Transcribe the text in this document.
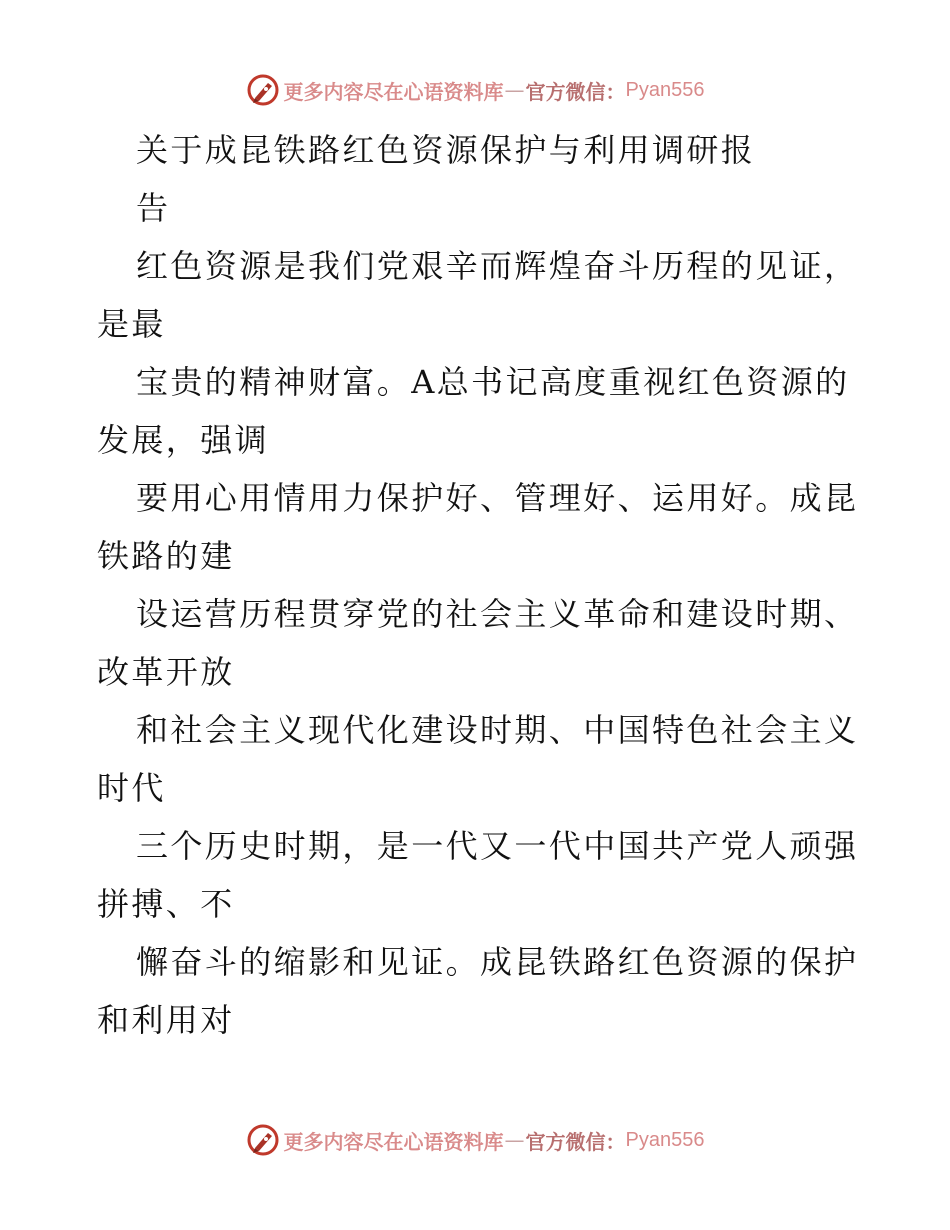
更多内容尽在心语资料库 — 官方微信： Pyan556
关于成昆铁路红色资源保护与利用调研报
告
红色资源是我们党艰辛而辉煌奋斗历程的见证，
是最
宝贵的精神财富。A总书记高度重视红色资源的
发展，强调
要用心用情用力保护好、管理好、运用好。成昆
铁路的建
设运营历程贯穿党的社会主义革命和建设时期、
改革开放
和社会主义现代化建设时期、中国特色社会主义
时代
三个历史时期，是一代又一代中国共产党人顽强
拼搏、不
懈奋斗的缩影和见证。成昆铁路红色资源的保护
和利用对
更多内容尽在心语资料库 — 官方微信： Pyan556
